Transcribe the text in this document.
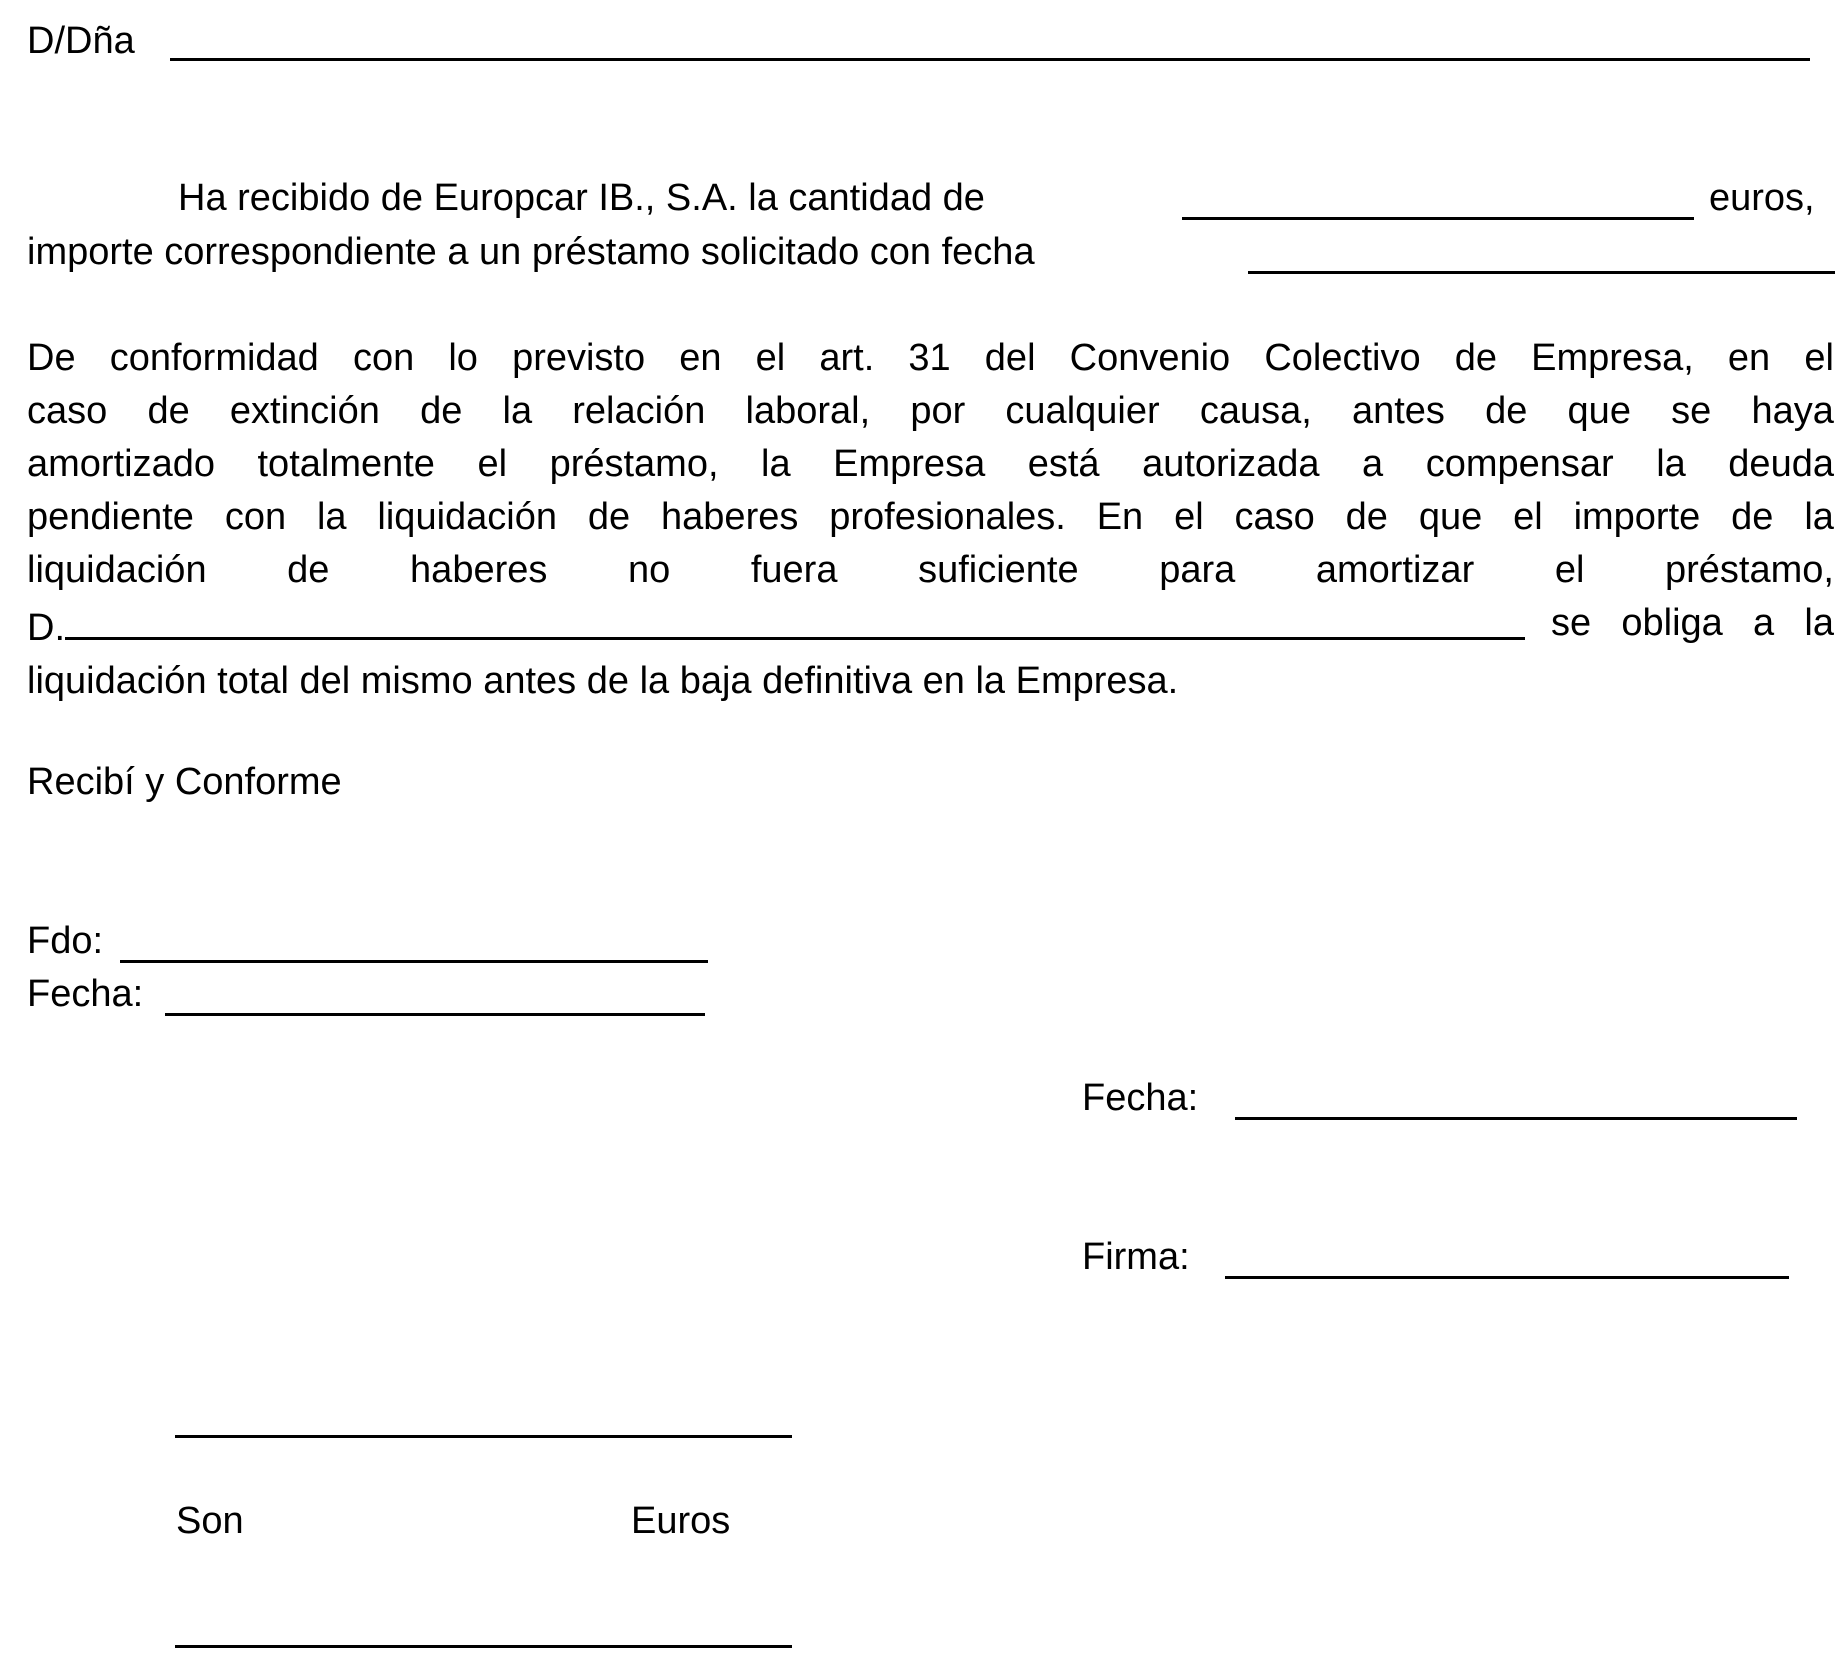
D/Dña
Ha recibido de Europcar IB., S.A. la cantidad de	euros,
importe correspondiente a un préstamo solicitado con fecha
De conformidad con lo previsto en el art. 31 del Convenio Colectivo de Empresa, en el
caso de extinción de la relación laboral, por cualquier causa, antes de que se haya
amortizado totalmente el préstamo, la Empresa está autorizada a compensar la deuda
pendiente con la liquidación de haberes profesionales. En el caso de que el importe de la
liquidación de haberes no fuera suficiente para amortizar el préstamo,
D.	se obliga a la
liquidación total del mismo antes de la baja definitiva en la Empresa.
Recibí y Conforme
Fdo:
Fecha:
Fecha:
Firma:
Son	Euros
